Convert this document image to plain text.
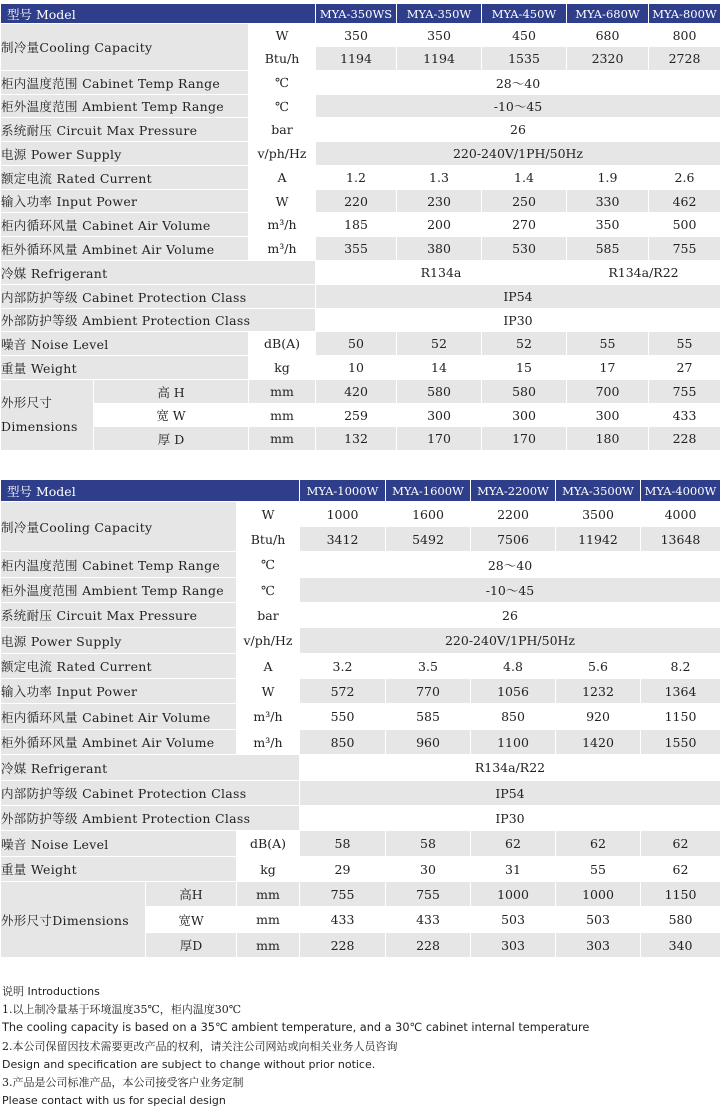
型号 Model			MYA-350WS	MYA-350W	MYA-450W	MYA-680W	MYA-800W
制冷量Cooling Capacity		W	350	350	450	680	800
		Btu/h	1194	1194	1535	2320	2728
柜内温度范围 Cabinet Temp Range		℃	28～40				
柜外温度范围 Ambient Temp Range		℃	-10～45				
系统耐压 Circuit Max Pressure		bar	26				
电源 Power Supply		v/ph/Hz	220-240V/1PH/50Hz				
额定电流 Rated Current		A	1.2	1.3	1.4	1.9	2.6
输入功率 Input Power		W	220	230	250	330	462
柜内循环风量 Cabinet Air Volume		m³/h	185	200	270	350	500
柜外循环风量 Ambinet Air Volume		m³/h	355	380	530	585	755
冷媒 Refrigerant			R134a			R134a/R22	
内部防护等级 Cabinet Protection Class			IP54				
外部防护等级 Ambient Protection Class			IP30				
噪音 Noise Level		dB(A)	50	52	52	55	55
重量 Weight		kg	10	14	15	17	27

外形尺寸
Dimensions	高 H	mm	420	580	580	700	755
	宽 W	mm	259	300	300	300	433
	厚 D	mm	132	170	170	180	228
型号 Model			MYA-1000W	MYA-1600W	MYA-2200W	MYA-3500W	MYA-4000W
制冷量Cooling Capacity		W	1000	1600	2200	3500	4000
		Btu/h	3412	5492	7506	11942	13648
柜内温度范围 Cabinet Temp Range		℃	28～40				
柜外温度范围 Ambient Temp Range		℃	-10～45				
系统耐压 Circuit Max Pressure		bar	26				
电源 Power Supply		v/ph/Hz	220-240V/1PH/50Hz				
额定电流 Rated Current		A	3.2	3.5	4.8	5.6	8.2
输入功率 Input Power		W	572	770	1056	1232	1364
柜内循环风量 Cabinet Air Volume		m³/h	550	585	850	920	1150
柜外循环风量 Ambinet Air Volume		m³/h	850	960	1100	1420	1550
冷媒 Refrigerant			R134a/R22				
内部防护等级 Cabinet Protection Class			IP54				
外部防护等级 Ambient Protection Class			IP30				
噪音 Noise Level		dB(A)	58	58	62	62	62
重量 Weight		kg	29	30	31	55	62
外形尺寸Dimensions	高H	mm	755	755	1000	1000	1150
	宽W	mm	433	433	503	503	580
	厚D	mm	228	228	303	303	340
说明 Introductions
1.以上制冷量基于环境温度35℃，柜内温度30℃
The cooling capacity is based on a 35℃ ambient temperature, and a 30℃ cabinet internal temperature
2.本公司保留因技术需要更改产品的权利，请关注公司网站或向相关业务人员咨询
Design and specification are subject to change without prior notice.
3.产品是公司标准产品，本公司接受客户业务定制
Please contact with us for special design
